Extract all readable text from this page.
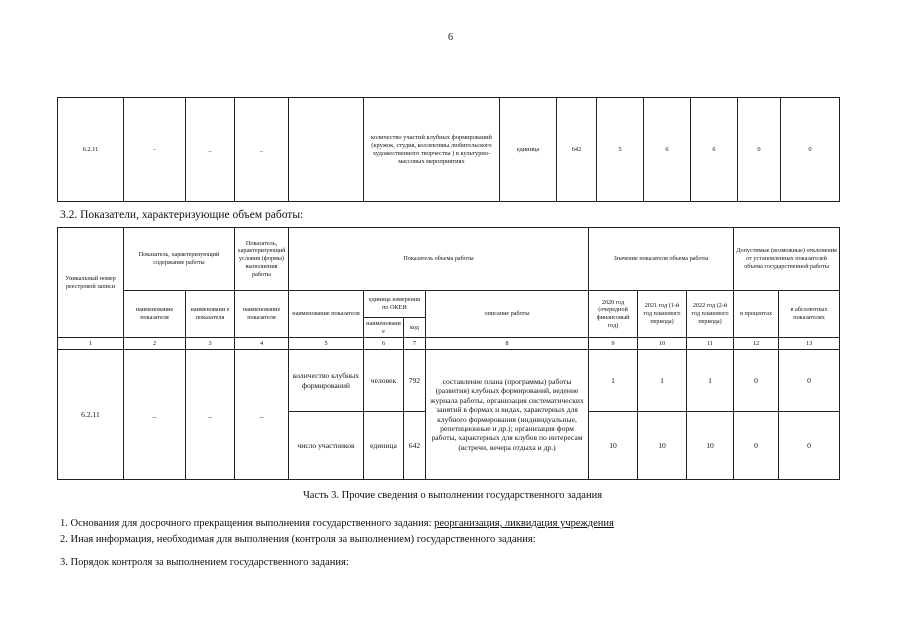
6
6.2.11	-	_	_		количество участий клубных формирований (кружок, студия, коллективы любительского художественного творчества ) в культурно-массовых мероприятиях	единица	642	5	6	6	0	0
3.2. Показатели, характеризующие объем работы:
Уникальный номер реестровой записи	Показатель, характеризующий содержание работы		Показатель, характеризующий условия (формы) выполнения работы	Показатель объема работы				Значение показателя объема работы			Допустимые (возможные) отклонения от установленных показателей объема государственной работы	
	наименование показателя	наименовани е показателя	наименование показателя	наименование показателя	единица измерения по ОКЕИ		описание работы	2020 год (очередной финансовый год)	2021 год (1-й год планового периода)	2022 год (2-й год планового периода)	в процентах	в абсолютных показателях
					наименование	код						
1	2	3	4	5	6	7	8	9	10	11	12	13
6.2.11	_	_	_	количество клубных формирований	человек	792	составление плана (программы) работы (развития) клубных формирований, ведение журнала работы, организация систематических занятий в формах и видах, характерных для клубного формирования (индивидуальные, репетиционные и др.); организация форм работы, характерных для клубов по интересам (встречи, вечера отдыха и др.)	1	1	1	0	0
				число участников	единица	642		10	10	10	0	0
Часть 3. Прочие сведения о выполнении государственного задания
1. Основания для досрочного прекращения выполнения государственного задания: реорганизация, ликвидация учреждения
2. Иная информация, необходимая для выполнения (контроля за выполнением) государственного задания:
3. Порядок контроля за выполнением государственного задания:
